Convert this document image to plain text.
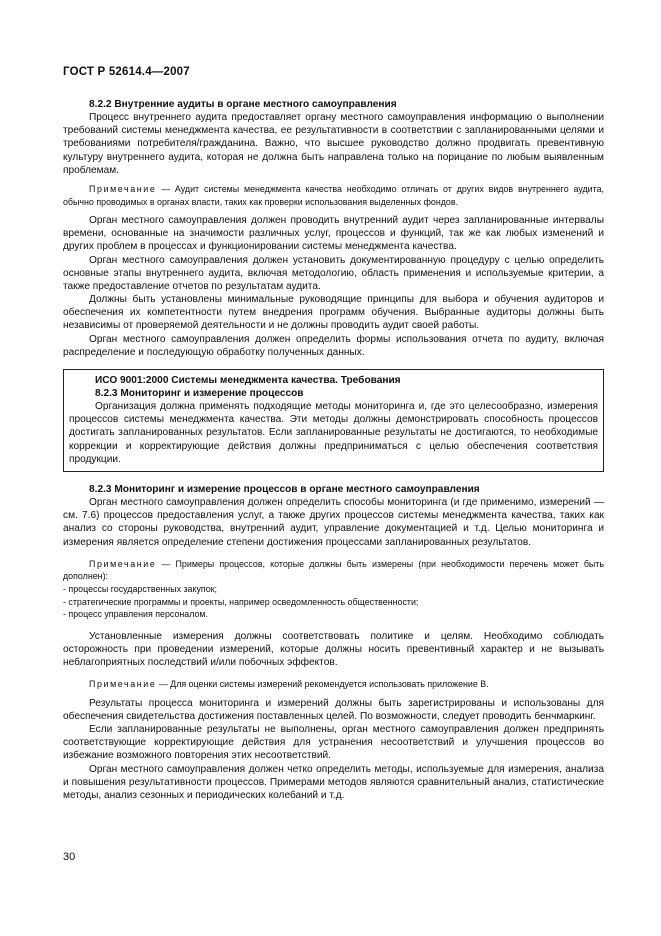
ГОСТ Р 52614.4—2007

8.2.2 Внутренние аудиты в органе местного самоуправления

Процесс внутреннего аудита предоставляет органу местного самоуправления информацию о выполнении требований системы менеджмента качества, ее результативности в соответствии с запланированными целями и требованиями потребителя/гражданина. Важно, что высшее руководство должно продвигать превентивную культуру внутреннего аудита, которая не должна быть направлена только на порицание по любым выявленным проблемам.

Примечание — Аудит системы менеджмента качества необходимо отличать от других видов внутреннего аудита, обычно проводимых в органах власти, таких как проверки использования выделенных фондов.

Орган местного самоуправления должен проводить внутренний аудит через запланированные интервалы времени, основанные на значимости различных услуг, процессов и функций, так же как любых изменений и других проблем в процессах и функционировании системы менеджмента качества.

Орган местного самоуправления должен установить документированную процедуру с целью определить основные этапы внутреннего аудита, включая методологию, область применения и используемые критерии, а также предоставление отчетов по результатам аудита.

Должны быть установлены минимальные руководящие принципы для выбора и обучения аудиторов и обеспечения их компетентности путем внедрения программ обучения. Выбранные аудиторы должны быть независимы от проверяемой деятельности и не должны проводить аудит своей работы.

Орган местного самоуправления должен определить формы использования отчета по аудиту, включая распределение и последующую обработку полученных данных.

ИСО 9001:2000 Системы менеджмента качества. Требования

8.2.3 Мониторинг и измерение процессов

Организация должна применять подходящие методы мониторинга и, где это целесообразно, измерения процессов системы менеджмента качества. Эти методы должны демонстрировать способность процессов достигать запланированных результатов. Если запланированные результаты не достигаются, то необходимые коррекции и корректирующие действия должны предприниматься с целью обеспечения соответствия продукции.

8.2.3 Мониторинг и измерение процессов в органе местного самоуправления

Орган местного самоуправления должен определить способы мониторинга (и где применимо, измерений — см. 7.6) процессов предоставления услуг, а также других процессов системы менеджмента качества, таких как анализ со стороны руководства, внутренний аудит, управление документацией и т.д. Целью мониторинга и измерения является определение степени достижения процессами запланированных результатов.

Примечание — Примеры процессов, которые должны быть измерены (при необходимости перечень может быть дополнен):

- процессы государственных закупок;
- стратегические программы и проекты, например осведомленность общественности;
- процесс управления персоналом.

Установленные измерения должны соответствовать политике и целям. Необходимо соблюдать осторожность при проведении измерений, которые должны носить превентивный характер и не вызывать неблагоприятных последствий и/или побочных эффектов.

Примечание — Для оценки системы измерений рекомендуется использовать приложение В.

Результаты процесса мониторинга и измерений должны быть зарегистрированы и использованы для обеспечения свидетельства достижения поставленных целей. По возможности, следует проводить бенчмаркинг.

Если запланированные результаты не выполнены, орган местного самоуправления должен предпринять соответствующие корректирующие действия для устранения несоответствий и улучшения процессов во избежание возможного повторения этих несоответствий.

Орган местного самоуправления должен четко определить методы, используемые для измерения, анализа и повышения результативности процессов. Примерами методов являются сравнительный анализ, статистические методы, анализ сезонных и периодических колебаний и т.д.

30
